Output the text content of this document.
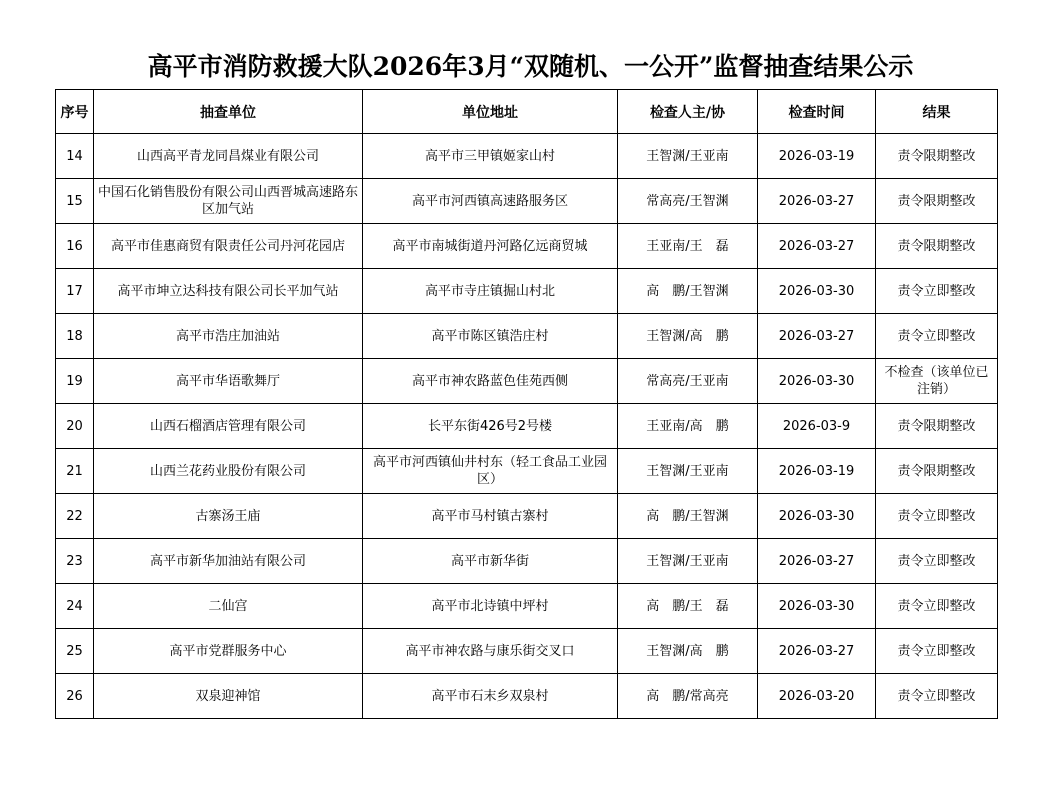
高平市消防救援大队2026年3月“双随机、一公开”监督抽查结果公示
序号	抽查单位	单位地址	检查人主/协	检查时间	结果
14	山西高平青龙同昌煤业有限公司	高平市三甲镇姬家山村	王智渊/王亚南	2026-03-19	责令限期整改
15	中国石化销售股份有限公司山西晋城高速路东区加气站	高平市河西镇高速路服务区	常高亮/王智渊	2026-03-27	责令限期整改
16	高平市佳惠商贸有限责任公司丹河花园店	高平市南城街道丹河路亿远商贸城	王亚南/王　磊	2026-03-27	责令限期整改
17	高平市坤立达科技有限公司长平加气站	高平市寺庄镇掘山村北	高　鹏/王智渊	2026-03-30	责令立即整改
18	高平市浩庄加油站	高平市陈区镇浩庄村	王智渊/高　鹏	2026-03-27	责令立即整改
19	高平市华语歌舞厅	高平市神农路蓝色佳苑西侧	常高亮/王亚南	2026-03-30	不检查（该单位已注销）
20	山西石榴酒店管理有限公司	长平东街426号2号楼	王亚南/高　鹏	2026-03-9	责令限期整改
21	山西兰花药业股份有限公司	高平市河西镇仙井村东（轻工食品工业园区）	王智渊/王亚南	2026-03-19	责令限期整改
22	古寨汤王庙	高平市马村镇古寨村	高　鹏/王智渊	2026-03-30	责令立即整改
23	高平市新华加油站有限公司	高平市新华街	王智渊/王亚南	2026-03-27	责令立即整改
24	二仙宫	高平市北诗镇中坪村	高　鹏/王　磊	2026-03-30	责令立即整改
25	高平市党群服务中心	高平市神农路与康乐街交叉口	王智渊/高　鹏	2026-03-27	责令立即整改
26	双泉迎神馆	高平市石末乡双泉村	高　鹏/常高亮	2026-03-20	责令立即整改
